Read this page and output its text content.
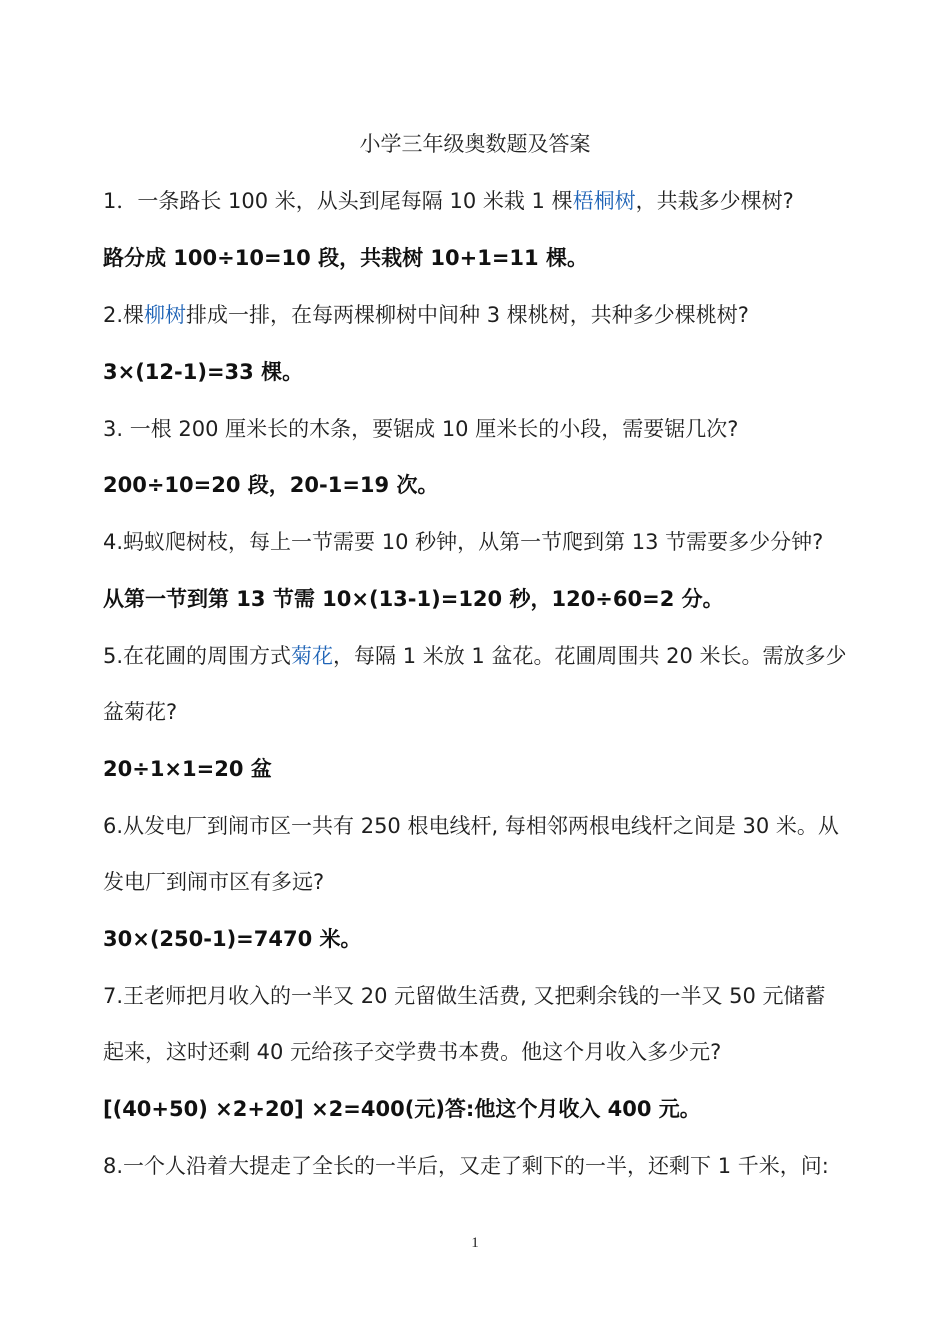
小学三年级奥数题及答案
1．一条路长 100 米，从头到尾每隔 10 米栽 1 棵梧桐树，共栽多少棵树?
路分成 100÷10=10 段，共栽树 10+1=11 棵。
2.棵柳树排成一排，在每两棵柳树中间种 3 棵桃树，共种多少棵桃树?
3×(12-1)=33 棵。
3. 一根 200 厘米长的木条，要锯成 10 厘米长的小段，需要锯几次?
200÷10=20 段，20-1=19 次。
4.蚂蚁爬树枝，每上一节需要 10 秒钟，从第一节爬到第 13 节需要多少分钟?
从第一节到第 13 节需 10×(13-1)=120 秒，120÷60=2 分。
5.在花圃的周围方式菊花，每隔 1 米放 1 盆花。花圃周围共 20 米长。需放多少
盆菊花?
20÷1×1=20 盆
6.从发电厂到闹市区一共有 250 根电线杆, 每相邻两根电线杆之间是 30 米。从
发电厂到闹市区有多远?
30×(250-1)=7470 米。
7.王老师把月收入的一半又 20 元留做生活费, 又把剩余钱的一半又 50 元储蓄
起来，这时还剩 40 元给孩子交学费书本费。他这个月收入多少元?
[(40+50) ×2+20] ×2=400(元)答:他这个月收入 400 元。
8.一个人沿着大提走了全长的一半后，又走了剩下的一半，还剩下 1 千米，问:
1
